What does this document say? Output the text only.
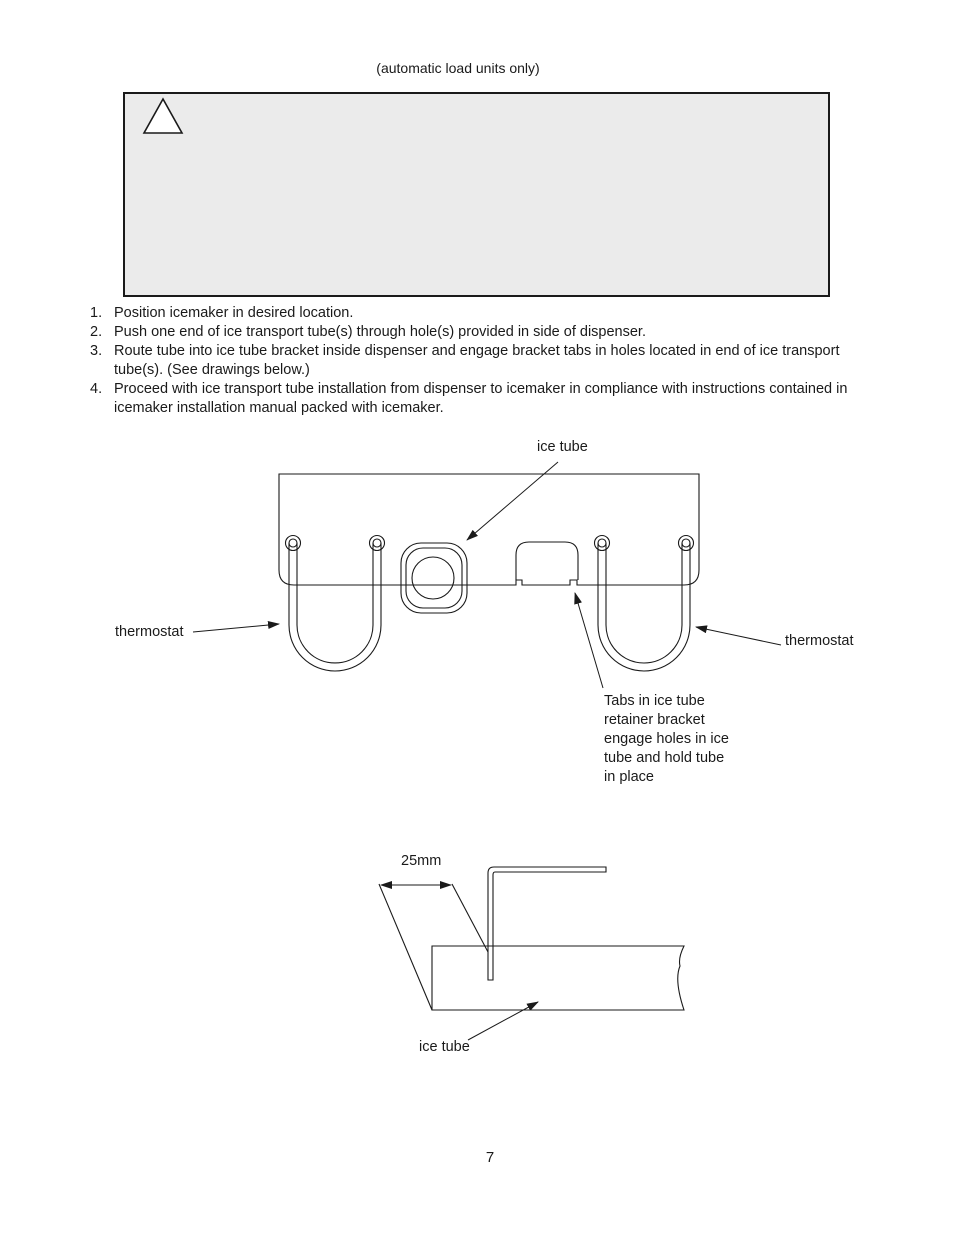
(automatic load units only)
1. Position icemaker in desired location.
2. Push one end of ice transport tube(s) through hole(s) provided in side of dispenser.
3. Route tube into ice tube bracket inside dispenser and engage bracket tabs in holes located in end of ice transport tube(s). (See drawings below.)
4. Proceed with ice transport tube installation from dispenser to icemaker in compliance with instructions contained in icemaker installation manual packed with icemaker.
ice tube
thermostat
thermostat
Tabs in ice tube
retainer bracket
engage holes in ice
tube and hold tube
in place
25mm
ice tube
7
